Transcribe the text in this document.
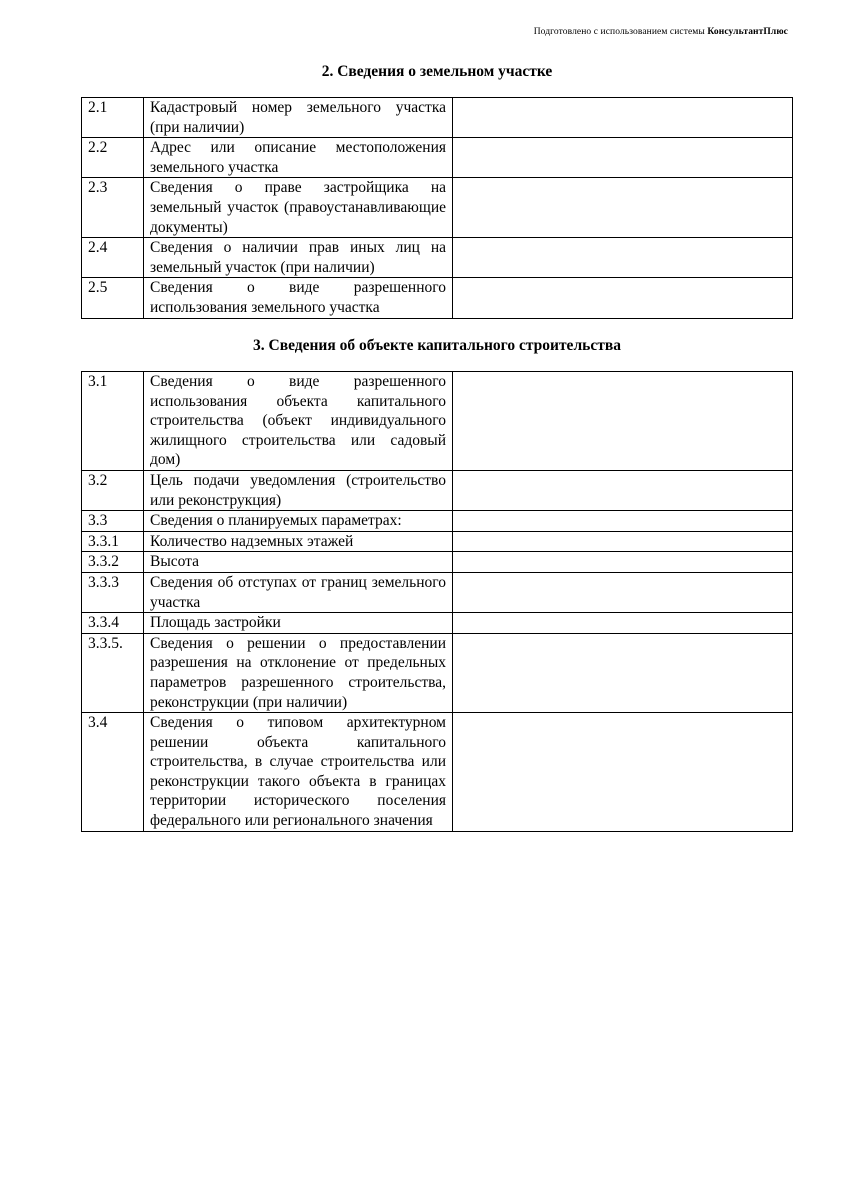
Подготовлено с использованием системы КонсультантПлюс
2. Сведения о земельном участке
2.1	Кадастровый номер земельного участка (при наличии)	

2.2	Адрес или описание местоположения земельного участка	

2.3	Сведения о праве застройщика на земельный участок (правоустанавливающие документы)	

2.4	Сведения о наличии прав иных лиц на земельный участок (при наличии)	

2.5	Сведения о виде разрешенного использования земельного участка	
3. Сведения об объекте капитального строительства
3.1	Сведения о виде разрешенного использования объекта капитального строительства (объект индивидуального жилищного строительства или садовый дом)	

3.2	Цель подачи уведомления (строительство или реконструкция)	

3.3	Сведения о планируемых параметрах:	

3.3.1	Количество надземных этажей	

3.3.2	Высота	

3.3.3	Сведения об отступах от границ земельного участка	

3.3.4	Площадь застройки	

3.3.5.	Сведения о решении о предоставлении разрешения на отклонение от предельных параметров разрешенного строительства, реконструкции (при наличии)	

3.4	Сведения о типовом архитектурном решении объекта капитального строительства, в случае строительства или реконструкции такого объекта в границах территории исторического поселения федерального или регионального значения	
